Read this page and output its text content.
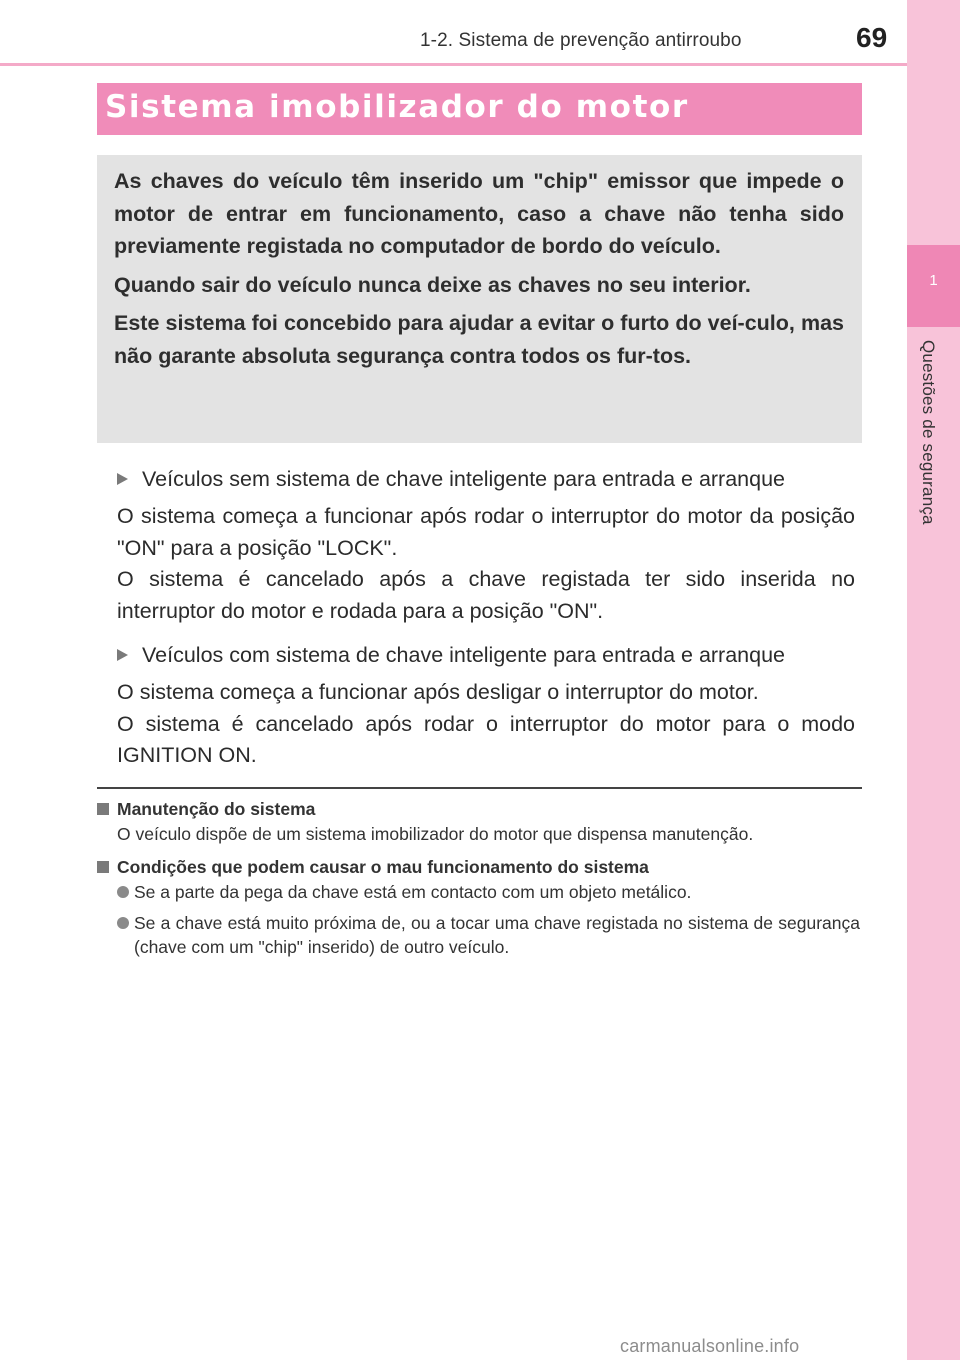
1-2. Sistema de prevenção antirroubo	69
1
Questões de segurança
Sistema imobilizador do motor

As chaves do veículo têm inserido um "chip" emissor que impede o motor de entrar em funcionamento, caso a chave não tenha sido previamente registada no computador de bordo do veículo.

Quando sair do veículo nunca deixe as chaves no seu interior.

Este sistema foi concebido para ajudar a evitar o furto do veí-culo, mas não garante absoluta segurança contra todos os fur-tos.

Veículos sem sistema de chave inteligente para entrada e arranque

O sistema começa a funcionar após rodar o interruptor do motor da posição "ON" para a posição "LOCK".

O sistema é cancelado após a chave registada ter sido inserida no interruptor do motor e rodada para a posição "ON".

Veículos com sistema de chave inteligente para entrada e arranque

O sistema começa a funcionar após desligar o interruptor do motor.

O sistema é cancelado após rodar o interruptor do motor para o modo IGNITION ON.

Manutenção do sistema
O veículo dispõe de um sistema imobilizador do motor que dispensa manutenção.
Condições que podem causar o mau funcionamento do sistema
Se a parte da pega da chave está em contacto com um objeto metálico.
Se a chave está muito próxima de, ou a tocar uma chave registada no sistema de segurança (chave com um "chip" inserido) de outro veículo.
carmanualsonline.info
